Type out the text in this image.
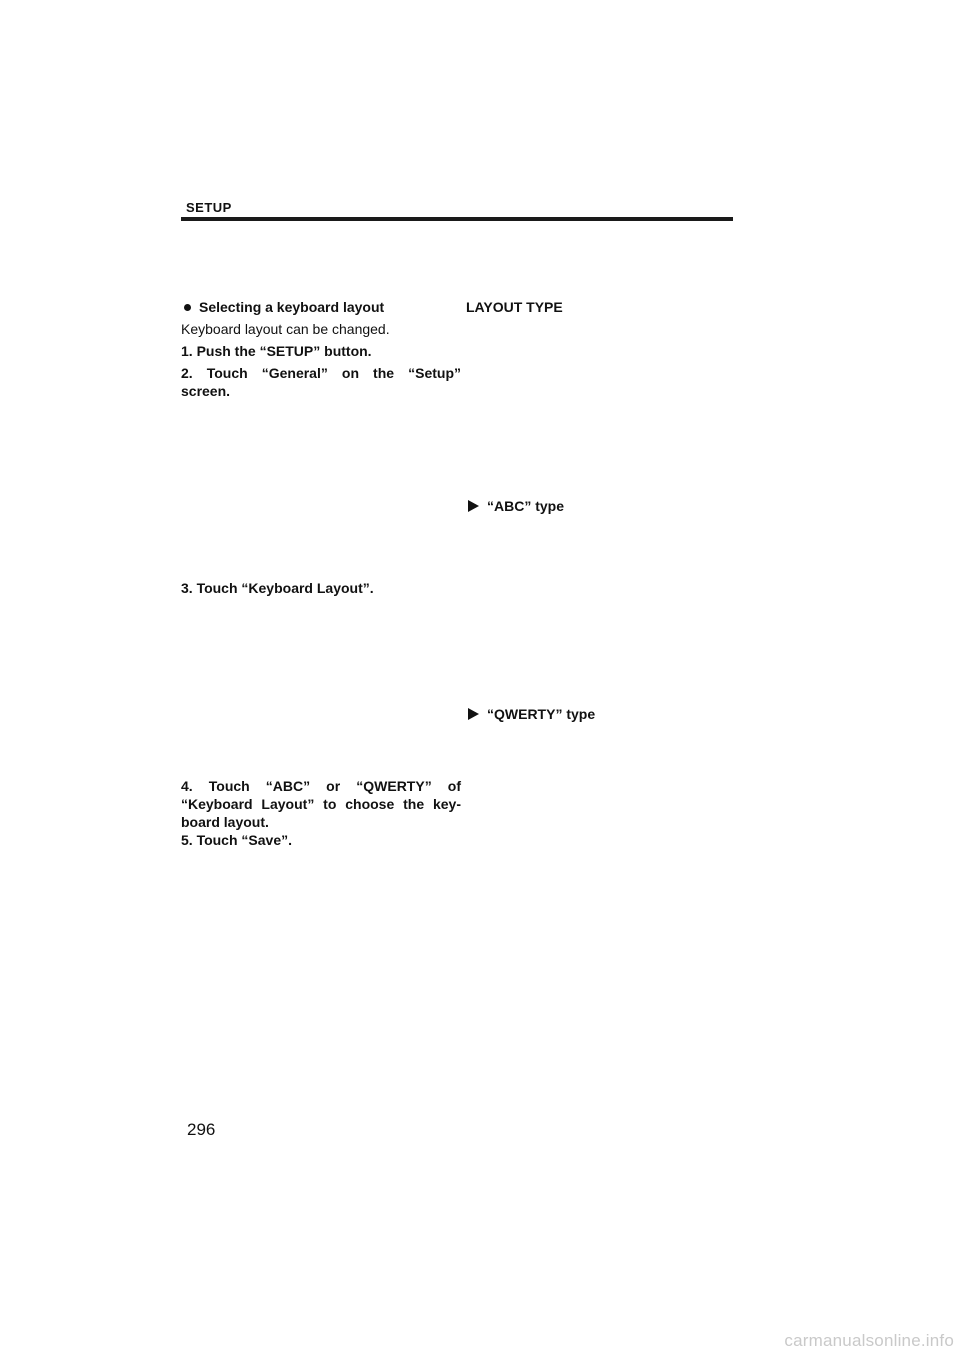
SETUP
Selecting a keyboard layout
Keyboard layout can be changed.
1. Push the “SETUP” button.
2. Touch “General” on the “Setup” screen.
3. Touch “Keyboard Layout”.
4. Touch “ABC” or “QWERTY” of
“Keyboard Layout” to choose the key-
board layout.
5. Touch “Save”.
LAYOUT TYPE
“ABC” type
“QWERTY” type
296
carmanualsonline.info
